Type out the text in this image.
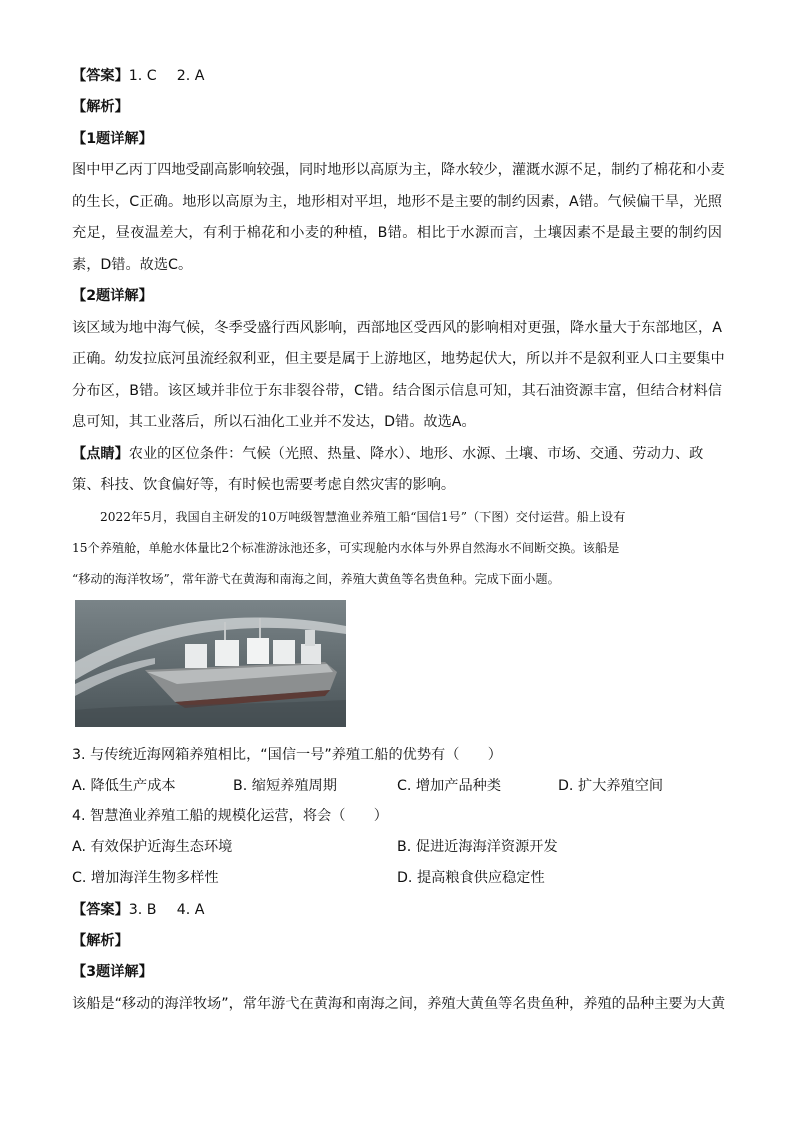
【答案】1. C 2. A
【解析】
【1题详解】
图中甲乙丙丁四地受副高影响较强，同时地形以高原为主，降水较少，灌溉水源不足，制约了棉花和小麦
的生长，C正确。地形以高原为主，地形相对平坦，地形不是主要的制约因素，A错。气候偏干旱，光照
充足，昼夜温差大，有利于棉花和小麦的种植，B错。相比于水源而言，土壤因素不是最主要的制约因
素，D错。故选C。
【2题详解】
该区域为地中海气候，冬季受盛行西风影响，西部地区受西风的影响相对更强，降水量大于东部地区，A
正确。幼发拉底河虽流经叙利亚，但主要是属于上游地区，地势起伏大，所以并不是叙利亚人口主要集中
分布区，B错。该区域并非位于东非裂谷带，C错。结合图示信息可知，其石油资源丰富，但结合材料信
息可知，其工业落后，所以石油化工业并不发达，D错。故选A。
【点睛】农业的区位条件：气候（光照、热量、降水）、地形、水源、土壤、市场、交通、劳动力、政
策、科技、饮食偏好等，有时候也需要考虑自然灾害的影响。
2022年5月，我国自主研发的10万吨级智慧渔业养殖工船“国信1号”（下图）交付运营。船上设有
15个养殖舱，单舱水体量比2个标准游泳池还多，可实现舱内水体与外界自然海水不间断交换。该船是
“移动的海洋牧场”，常年游弋在黄海和南海之间，养殖大黄鱼等名贵鱼种。完成下面小题。
3. 与传统近海网箱养殖相比，“国信一号”养殖工船的优势有（　　）
A. 降低生产成本	B. 缩短养殖周期	C. 增加产品种类	D. 扩大养殖空间
4. 智慧渔业养殖工船的规模化运营，将会（　　）
A. 有效保护近海生态环境	B. 促进近海海洋资源开发
C. 增加海洋生物多样性	D. 提高粮食供应稳定性
【答案】3. B 4. A
【解析】
【3题详解】
该船是“移动的海洋牧场”，常年游弋在黄海和南海之间，养殖大黄鱼等名贵鱼种，养殖的品种主要为大黄
